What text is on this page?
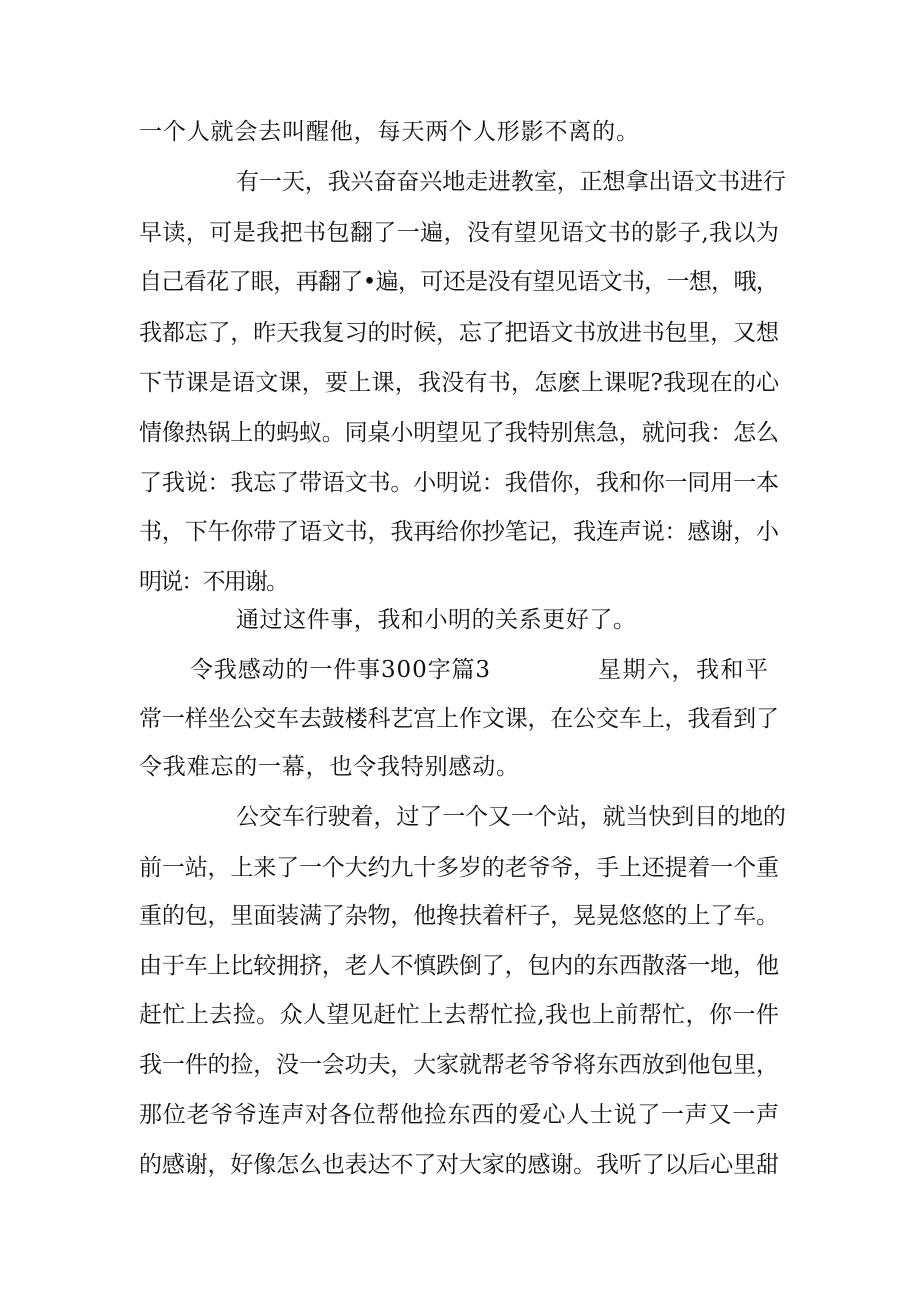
一个人就会去叫醒他，每天两个人形影不离的。
有一天，我兴奋奋兴地走进教室，正想拿出语文书进行
早读，可是我把书包翻了一遍，没有望见语文书的影子,我以为
自己看花了眼，再翻了•遍，可还是没有望见语文书，一想，哦，
我都忘了，昨天我复习的时候，忘了把语文书放进书包里，又想
下节课是语文课，要上课，我没有书，怎麽上课呢?我现在的心
情像热锅上的蚂蚁。同桌小明望见了我特别焦急，就问我：怎么
了我说：我忘了带语文书。小明说：我借你，我和你一同用一本
书，下午你带了语文书，我再给你抄笔记，我连声说：感谢，小
明说：不用谢。
通过这件事，我和小明的关系更好了。
令我感动的一件事300字篇3	星期六，我和平
常一样坐公交车去鼓楼科艺宫上作文课，在公交车上，我看到了
令我难忘的一幕，也令我特别感动。
公交车行驶着，过了一个又一个站，就当快到目的地的
前一站，上来了一个大约九十多岁的老爷爷，手上还提着一个重
重的包，里面装满了杂物，他搀扶着杆子，晃晃悠悠的上了车。
由于车上比较拥挤，老人不慎跌倒了，包内的东西散落一地，他
赶忙上去捡。众人望见赶忙上去帮忙捡,我也上前帮忙，你一件
我一件的捡，没一会功夫，大家就帮老爷爷将东西放到他包里，
那位老爷爷连声对各位帮他捡东西的爱心人士说了一声又一声
的感谢，好像怎么也表达不了对大家的感谢。我听了以后心里甜
